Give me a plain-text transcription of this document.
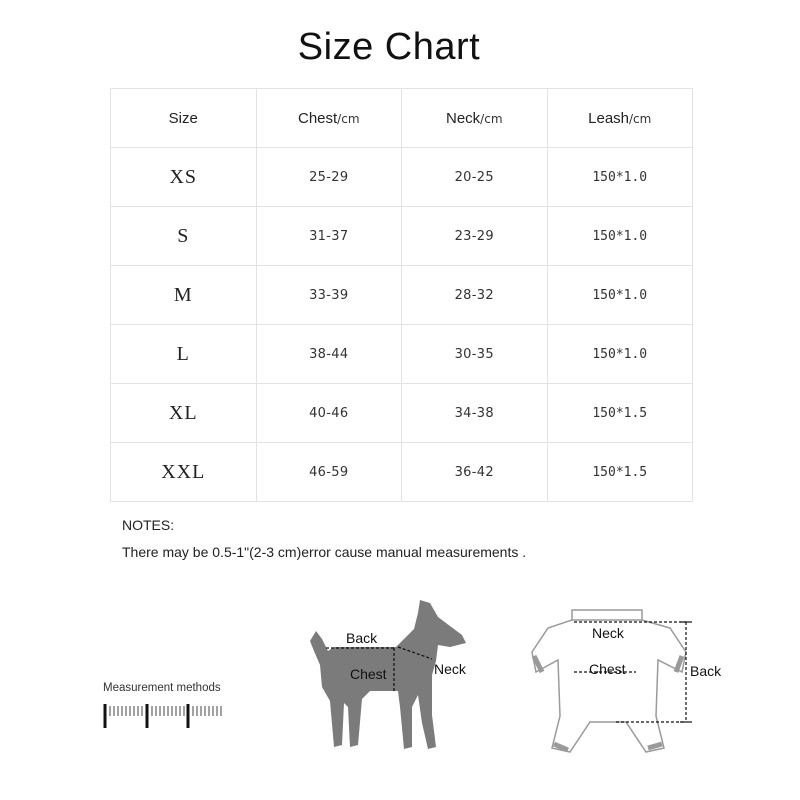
Size Chart
Size	Chest/cm	Neck/cm	Leash/cm
XS	25-29	20-25	150*1.0
S	31-37	23-29	150*1.0
M	33-39	28-32	150*1.0
L	38-44	30-35	150*1.0
XL	40-46	34-38	150*1.5
XXL	46-59	36-42	150*1.5
NOTES:
There may be 0.5-1"(2-3 cm)error cause manual measurements .
Measurement methods
Back
Chest	Neck
Neck
Chest	Back
